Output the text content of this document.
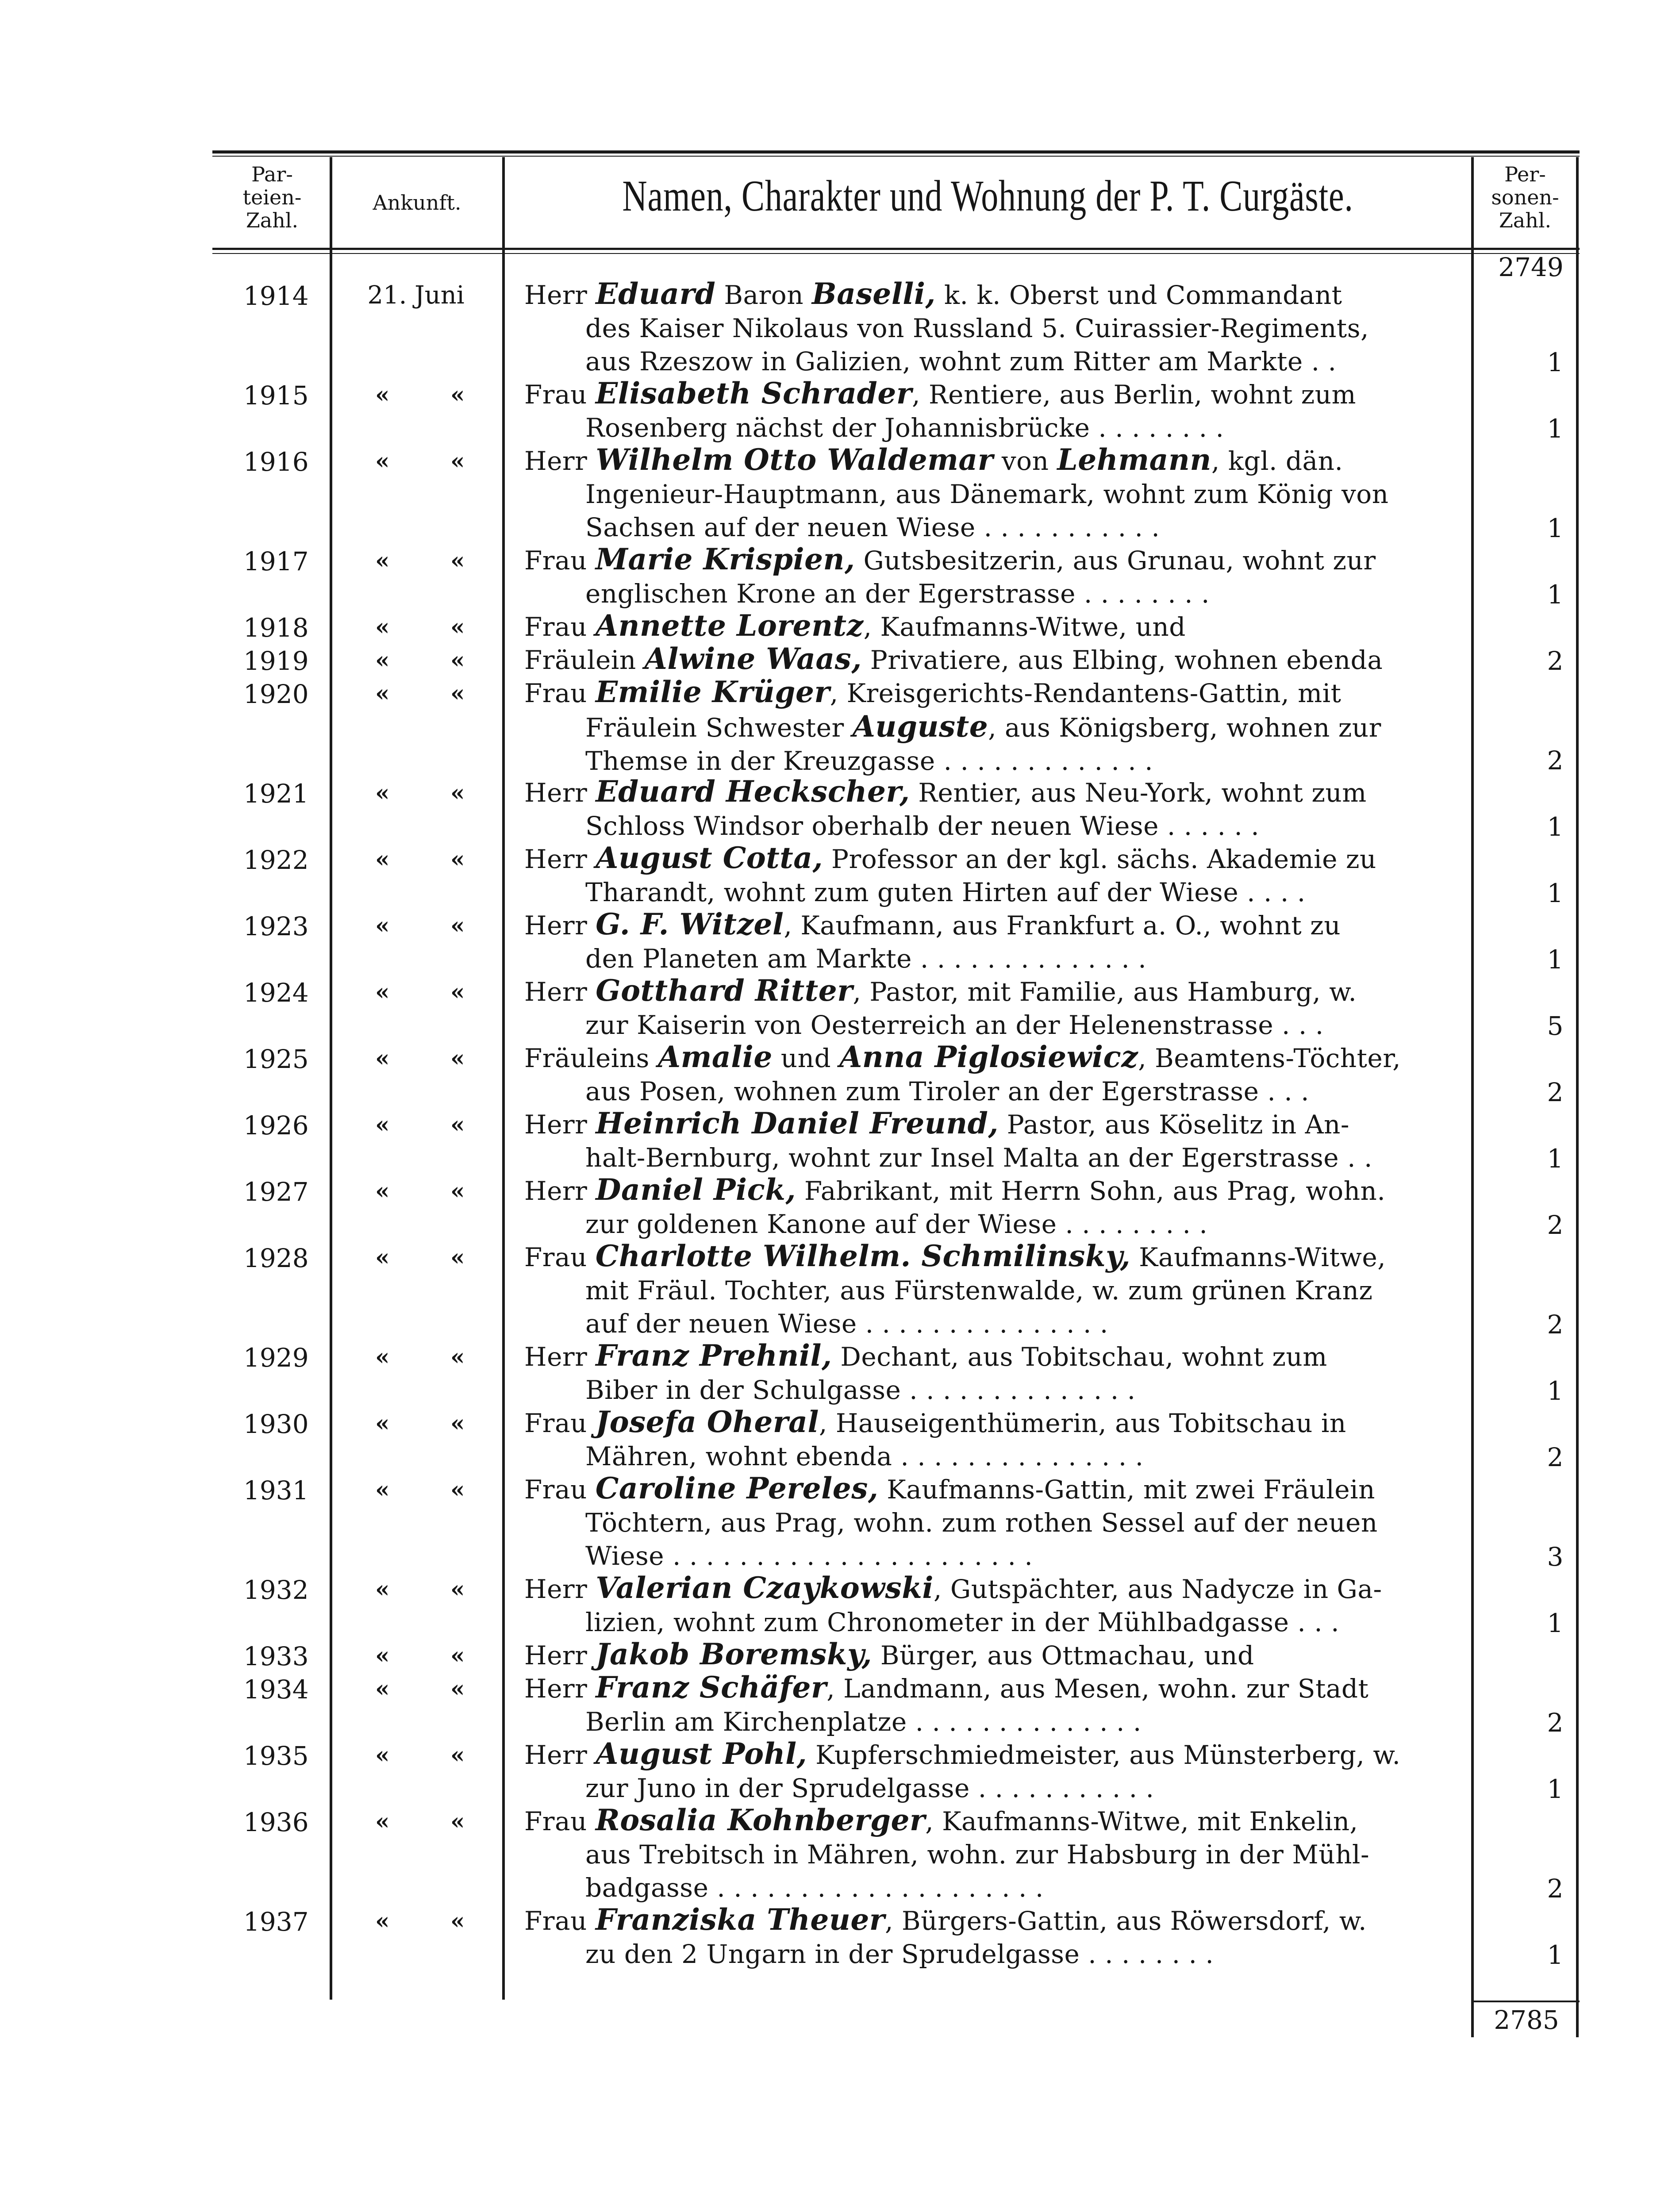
Par-
teien-
Zahl.
Ankunft.	Namen, Charakter und Wohnung der P. T. Curgäste.	Per-
sonen-
Zahl.
2749
1914	21. Juni	Herr Eduard Baron Baselli, k. k. Oberst und Commandant
des Kaiser Nikolaus von Russland 5. Cuirassier-Regiments,
aus Rzeszow in Galizien, wohnt zum Ritter am Markte . .	1
1915	«	« Frau Elisabeth Schrader, Rentiere, aus Berlin, wohnt zum
Rosenberg nächst der Johannisbrücke . . . . . . . .	1
1916	«	« Herr Wilhelm Otto Waldemar von Lehmann, kgl. dän.
Ingenieur-Hauptmann, aus Dänemark, wohnt zum König von
Sachsen auf der neuen Wiese . . . . . . . . . . .	1
1917	«	« Frau Marie Krispien, Gutsbesitzerin, aus Grunau, wohnt zur
englischen Krone an der Egerstrasse . . . . . . . .	1
1918	«	« Frau Annette Lorentz, Kaufmanns-Witwe, und
1919	«	« Fräulein Alwine Waas, Privatiere, aus Elbing, wohnen ebenda	2
1920	«	« Frau Emilie Krüger, Kreisgerichts-Rendantens-Gattin, mit
Fräulein Schwester Auguste, aus Königsberg, wohnen zur
Themse in der Kreuzgasse . . . . . . . . . . . . .	2
1921	«	« Herr Eduard Heckscher, Rentier, aus Neu-York, wohnt zum
Schloss Windsor oberhalb der neuen Wiese . . . . . .	1
1922	«	« Herr August Cotta, Professor an der kgl. sächs. Akademie zu
Tharandt, wohnt zum guten Hirten auf der Wiese . . . .	1
1923	«	« Herr G. F. Witzel, Kaufmann, aus Frankfurt a. O., wohnt zu
den Planeten am Markte . . . . . . . . . . . . . .	1
1924	«	« Herr Gotthard Ritter, Pastor, mit Familie, aus Hamburg, w.
zur Kaiserin von Oesterreich an der Helenenstrasse . . .	5
1925	«	« Fräuleins Amalie und Anna Piglosiewicz, Beamtens-Töchter,
aus Posen, wohnen zum Tiroler an der Egerstrasse . . .	2
1926	«	« Herr Heinrich Daniel Freund, Pastor, aus Köselitz in An-
halt-Bernburg, wohnt zur Insel Malta an der Egerstrasse . .	1
1927	«	« Herr Daniel Pick, Fabrikant, mit Herrn Sohn, aus Prag, wohn.
zur goldenen Kanone auf der Wiese . . . . . . . . .	2
1928	«	« Frau Charlotte Wilhelm. Schmilinsky, Kaufmanns-Witwe,
mit Fräul. Tochter, aus Fürstenwalde, w. zum grünen Kranz
auf der neuen Wiese . . . . . . . . . . . . . . .	2
1929	«	« Herr Franz Prehnil, Dechant, aus Tobitschau, wohnt zum
Biber in der Schulgasse . . . . . . . . . . . . . .	1
1930	«	« Frau Josefa Oheral, Hauseigenthümerin, aus Tobitschau in
Mähren, wohnt ebenda . . . . . . . . . . . . . . .	2
1931	«	« Frau Caroline Pereles, Kaufmanns-Gattin, mit zwei Fräulein
Töchtern, aus Prag, wohn. zum rothen Sessel auf der neuen
Wiese . . . . . . . . . . . . . . . . . . . . . .	3
1932	«	« Herr Valerian Czaykowski, Gutspächter, aus Nadycze in Ga-
lizien, wohnt zum Chronometer in der Mühlbadgasse . . .	1
1933	«	« Herr Jakob Boremsky, Bürger, aus Ottmachau, und
1934	«	« Herr Franz Schäfer, Landmann, aus Mesen, wohn. zur Stadt
Berlin am Kirchenplatze . . . . . . . . . . . . . .	2
1935	«	« Herr August Pohl, Kupferschmiedmeister, aus Münsterberg, w.
zur Juno in der Sprudelgasse . . . . . . . . . . .	1
1936	«	« Frau Rosalia Kohnberger, Kaufmanns-Witwe, mit Enkelin,
aus Trebitsch in Mähren, wohn. zur Habsburg in der Mühl-
badgasse . . . . . . . . . . . . . . . . . . . .	2
1937	«	« Frau Franziska Theuer, Bürgers-Gattin, aus Röwersdorf, w.
zu den 2 Ungarn in der Sprudelgasse . . . . . . . .	1
2785
